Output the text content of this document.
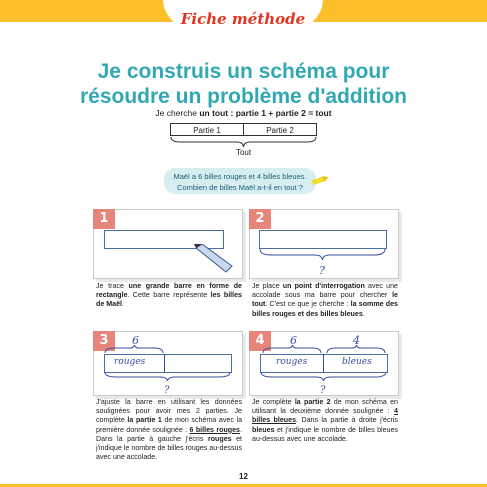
Fiche méthode
Je construis un schéma pour
résoudre un problème d'addition
Je cherche un tout : partie 1 + partie 2 = tout
Partie 1	Partie 2
Tout
Maël a 6 billes rouges et 4 billes bleues.
Combien de billes Maël a-t-il en tout ?
1
Je trace une grande barre en forme de rectangle. Cette barre représente les billes de Maël.
2
?
Je place un point d'interrogation avec une accolade sous ma barre pour chercher le tout. C'est ce que je cherche : la somme des billes rouges et des billes bleues.
3	6
rouges
?
J'ajuste la barre en utilisant les données soulignées pour avoir mes 2 parties. Je complète la partie 1 de mon schéma avec la première donnée soulignée : 6 billes rouges. Dans la partie à gauche j'écris rouges et j'indique le nombre de billes rouges au-dessus avec une accolade.
4	6	4
rouges	bleues
?
Je complète la partie 2 de mon schéma en utilisant la deuxième donnée soulignée : 4 billes bleues. Dans la partie à droite j'écris bleues et j'indique le nombre de billes bleues au-dessus avec une accolade.
12
